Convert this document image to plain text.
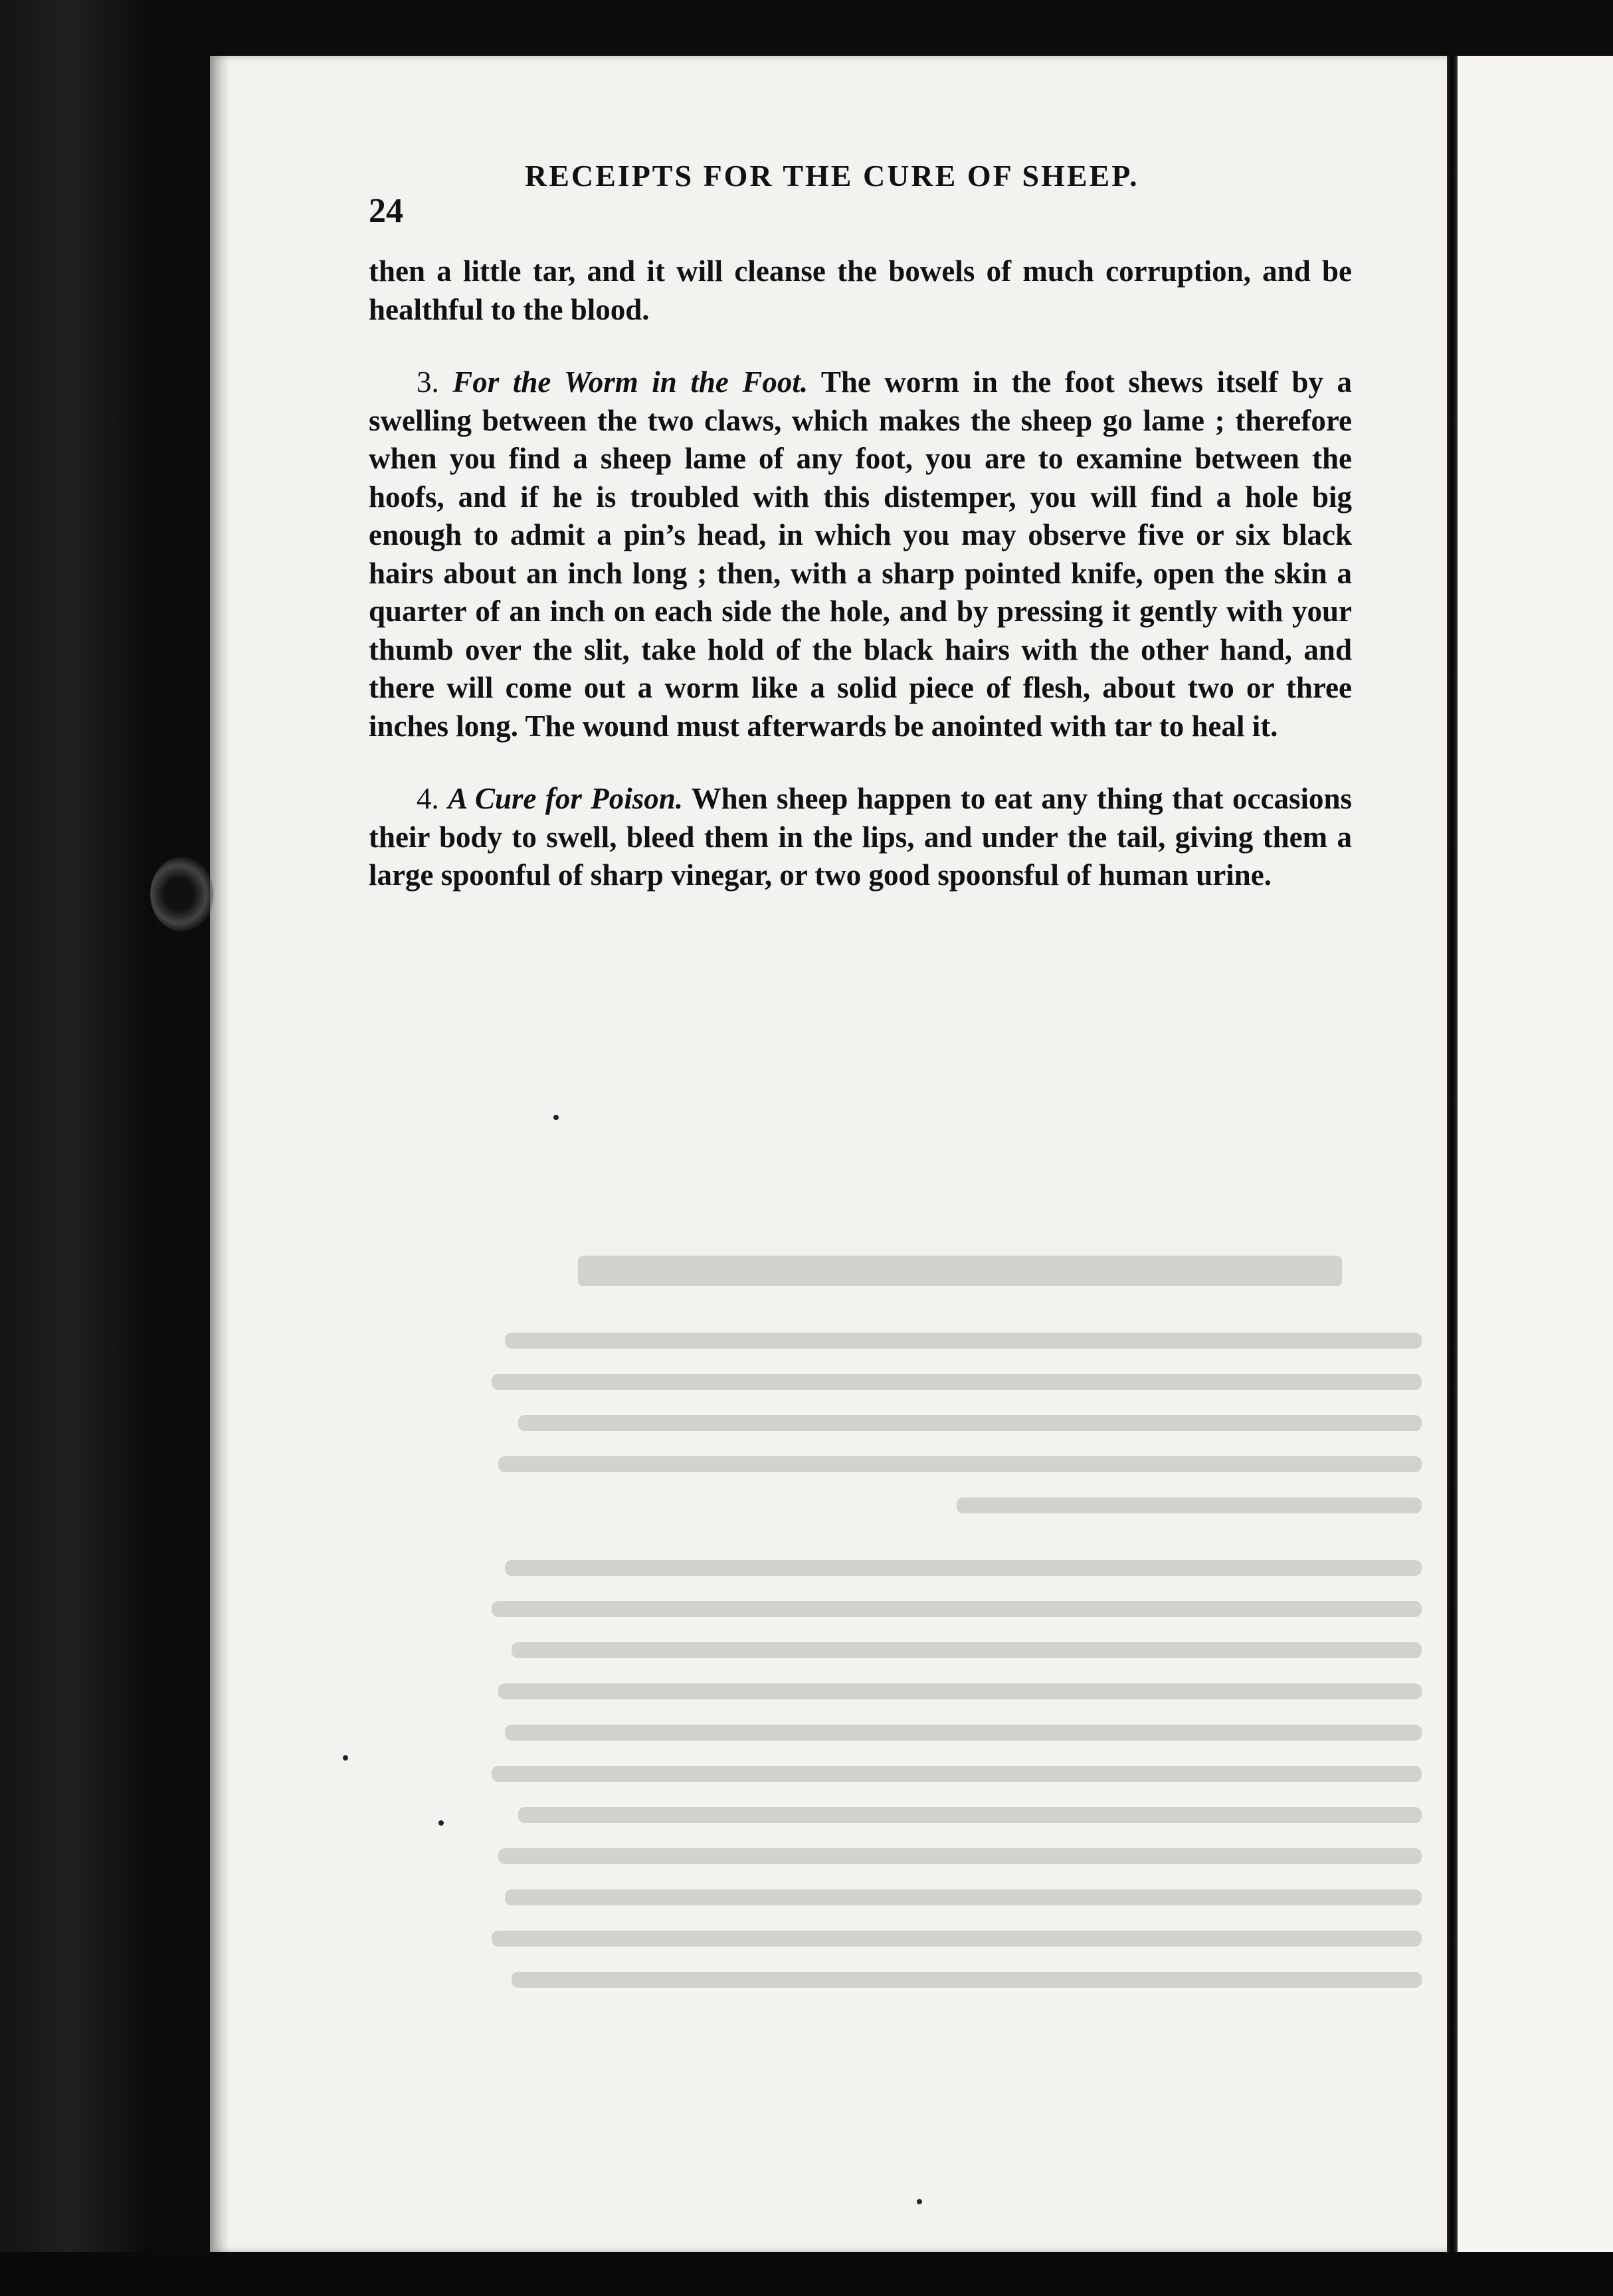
RECEIPTS FOR THE CURE OF SHEEP.
24

then a little tar, and it will cleanse the bowels of much corruption, and be healthful to the blood.

3. For the Worm in the Foot. The worm in the foot shews itself by a swelling between the two claws, which makes the sheep go lame ; therefore when you find a sheep lame of any foot, you are to examine between the hoofs, and if he is troubled with this distemper, you will find a hole big enough to admit a pin’s head, in which you may observe five or six black hairs about an inch long ; then, with a sharp pointed knife, open the skin a quarter of an inch on each side the hole, and by pressing it gently with your thumb over the slit, take hold of the black hairs with the other hand, and there will come out a worm like a solid piece of flesh, about two or three inches long. The wound must afterwards be anointed with tar to heal it.

4. A Cure for Poison. When sheep happen to eat any thing that occasions their body to swell, bleed them in the lips, and under the tail, giving them a large spoonful of sharp vinegar, or two good spoonsful of human urine.
